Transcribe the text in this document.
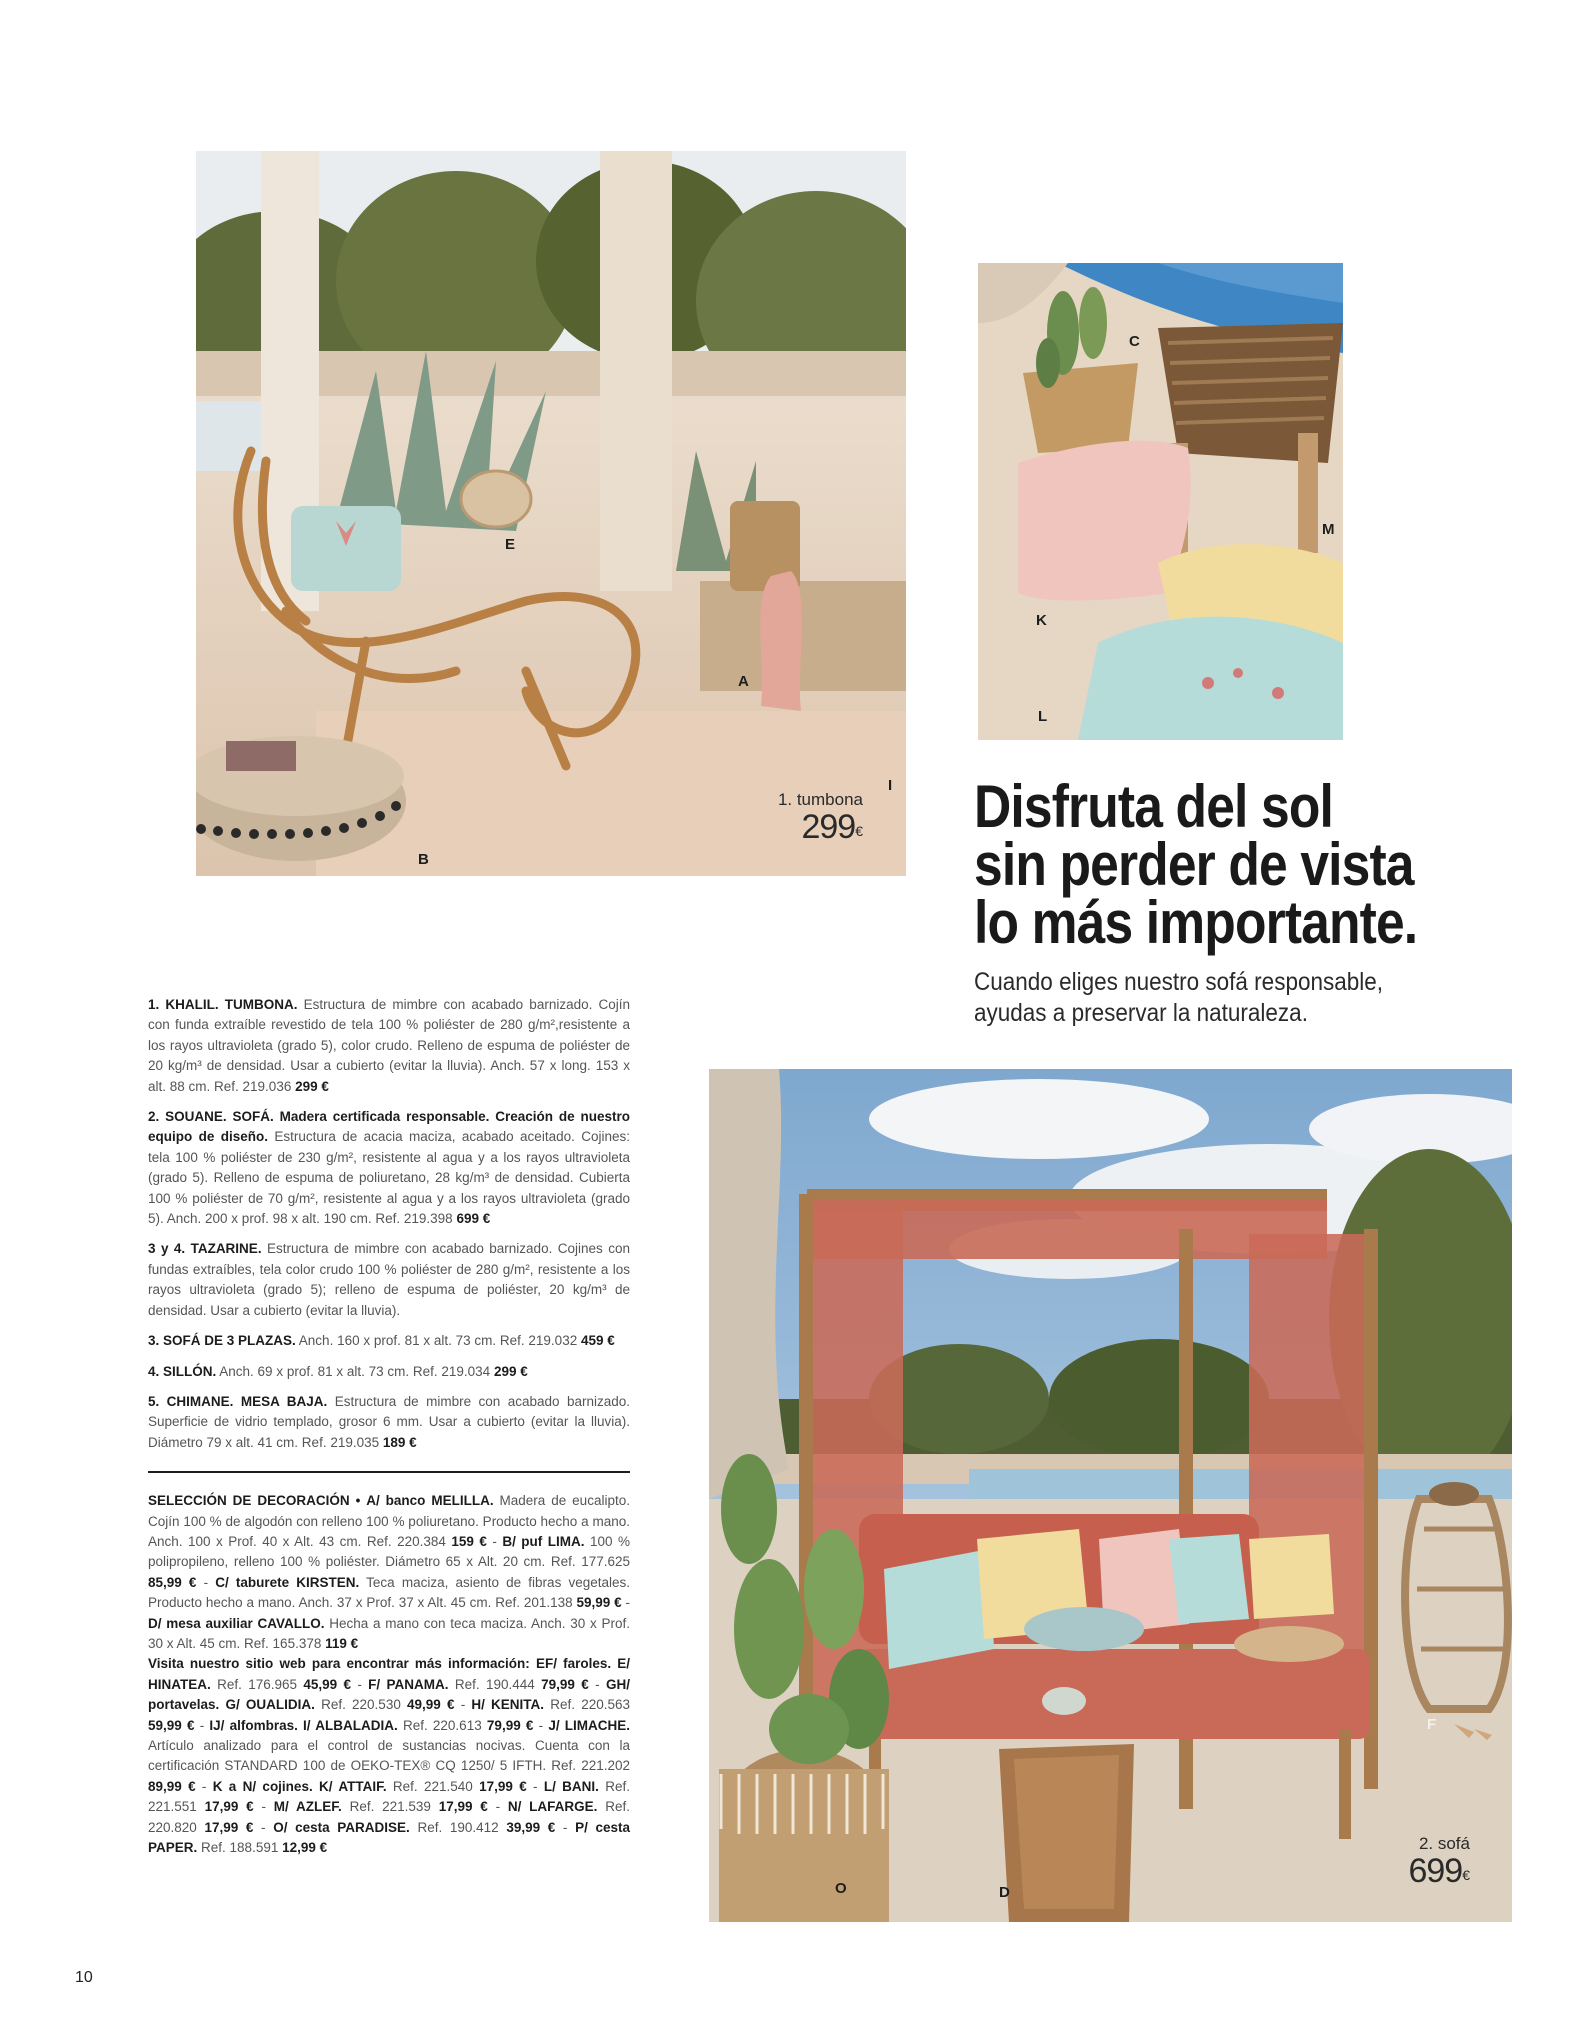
E
A
B
I
1. tumbona
299€
C
M
K
L
Disfruta del sol
sin perder de vista
lo más importante.

Cuando eliges nuestro sofá responsable,
ayudas a preservar la naturaleza.

F
O	D
2. sofá
699€

1. KHALIL. TUMBONA. Estructura de mimbre con acabado barnizado. Cojín con funda extraíble revestido de tela 100 % poliéster de 280 g/m²,resistente a los rayos ultravioleta (grado 5), color crudo. Relleno de espuma de poliéster de 20 kg/m³ de densidad. Usar a cubierto (evitar la lluvia). Anch. 57 x long. 153 x alt. 88 cm. Ref. 219.036 299 €

2. SOUANE. SOFÁ. Madera certificada responsable. Creación de nuestro equipo de diseño. Estructura de acacia maciza, acabado aceitado. Cojines: tela 100 % poliéster de 230 g/m², resistente al agua y a los rayos ultravioleta (grado 5). Relleno de espuma de poliuretano, 28 kg/m³ de densidad. Cubierta 100 % poliéster de 70 g/m², resistente al agua y a los rayos ultravioleta (grado 5). Anch. 200 x prof. 98 x alt. 190 cm. Ref. 219.398 699 €

3 y 4. TAZARINE. Estructura de mimbre con acabado barnizado. Cojines con fundas extraíbles, tela color crudo 100 % poliéster de 280 g/m², resistente a los rayos ultravioleta (grado 5); relleno de espuma de poliéster, 20 kg/m³ de densidad. Usar a cubierto (evitar la lluvia).

3. SOFÁ DE 3 PLAZAS. Anch. 160 x prof. 81 x alt. 73 cm. Ref. 219.032 459 €

4. SILLÓN. Anch. 69 x prof. 81 x alt. 73 cm. Ref. 219.034 299 €

5. CHIMANE. MESA BAJA. Estructura de mimbre con acabado barnizado. Superficie de vidrio templado, grosor 6 mm. Usar a cubierto (evitar la lluvia). Diámetro 79 x alt. 41 cm. Ref. 219.035 189 €

SELECCIÓN DE DECORACIÓN • A/ banco MELILLA. Madera de eucalipto. Cojín 100 % de algodón con relleno 100 % poliuretano. Producto hecho a mano. Anch. 100 x Prof. 40 x Alt. 43 cm. Ref. 220.384 159 € - B/ puf LIMA. 100 % polipropileno, relleno 100 % poliéster. Diámetro 65 x Alt. 20 cm. Ref. 177.625 85,99 € - C/ taburete KIRSTEN. Teca maciza, asiento de fibras vegetales. Producto hecho a mano. Anch. 37 x Prof. 37 x Alt. 45 cm. Ref. 201.138 59,99 € - D/ mesa auxiliar CAVALLO. Hecha a mano con teca maciza. Anch. 30 x Prof. 30 x Alt. 45 cm. Ref. 165.378 119 €

Visita nuestro sitio web para encontrar más información: EF/ faroles. E/ HINATEA. Ref. 176.965 45,99 € - F/ PANAMA. Ref. 190.444 79,99 € - GH/ portavelas. G/ OUALIDIA. Ref. 220.530 49,99 € - H/ KENITA. Ref. 220.563 59,99 € - IJ/ alfombras. I/ ALBALADIA. Ref. 220.613 79,99 € - J/ LIMACHE. Artículo analizado para el control de sustancias nocivas. Cuenta con la certificación STANDARD 100 de OEKO-TEX® CQ 1250/ 5 IFTH. Ref. 221.202 89,99 € - K a N/ cojines. K/ ATTAIF. Ref. 221.540 17,99 € - L/ BANI. Ref. 221.551 17,99 € - M/ AZLEF. Ref. 221.539 17,99 € - N/ LAFARGE. Ref. 220.820 17,99 € - O/ cesta PARADISE. Ref. 190.412 39,99 € - P/ cesta PAPER. Ref. 188.591 12,99 €

10
